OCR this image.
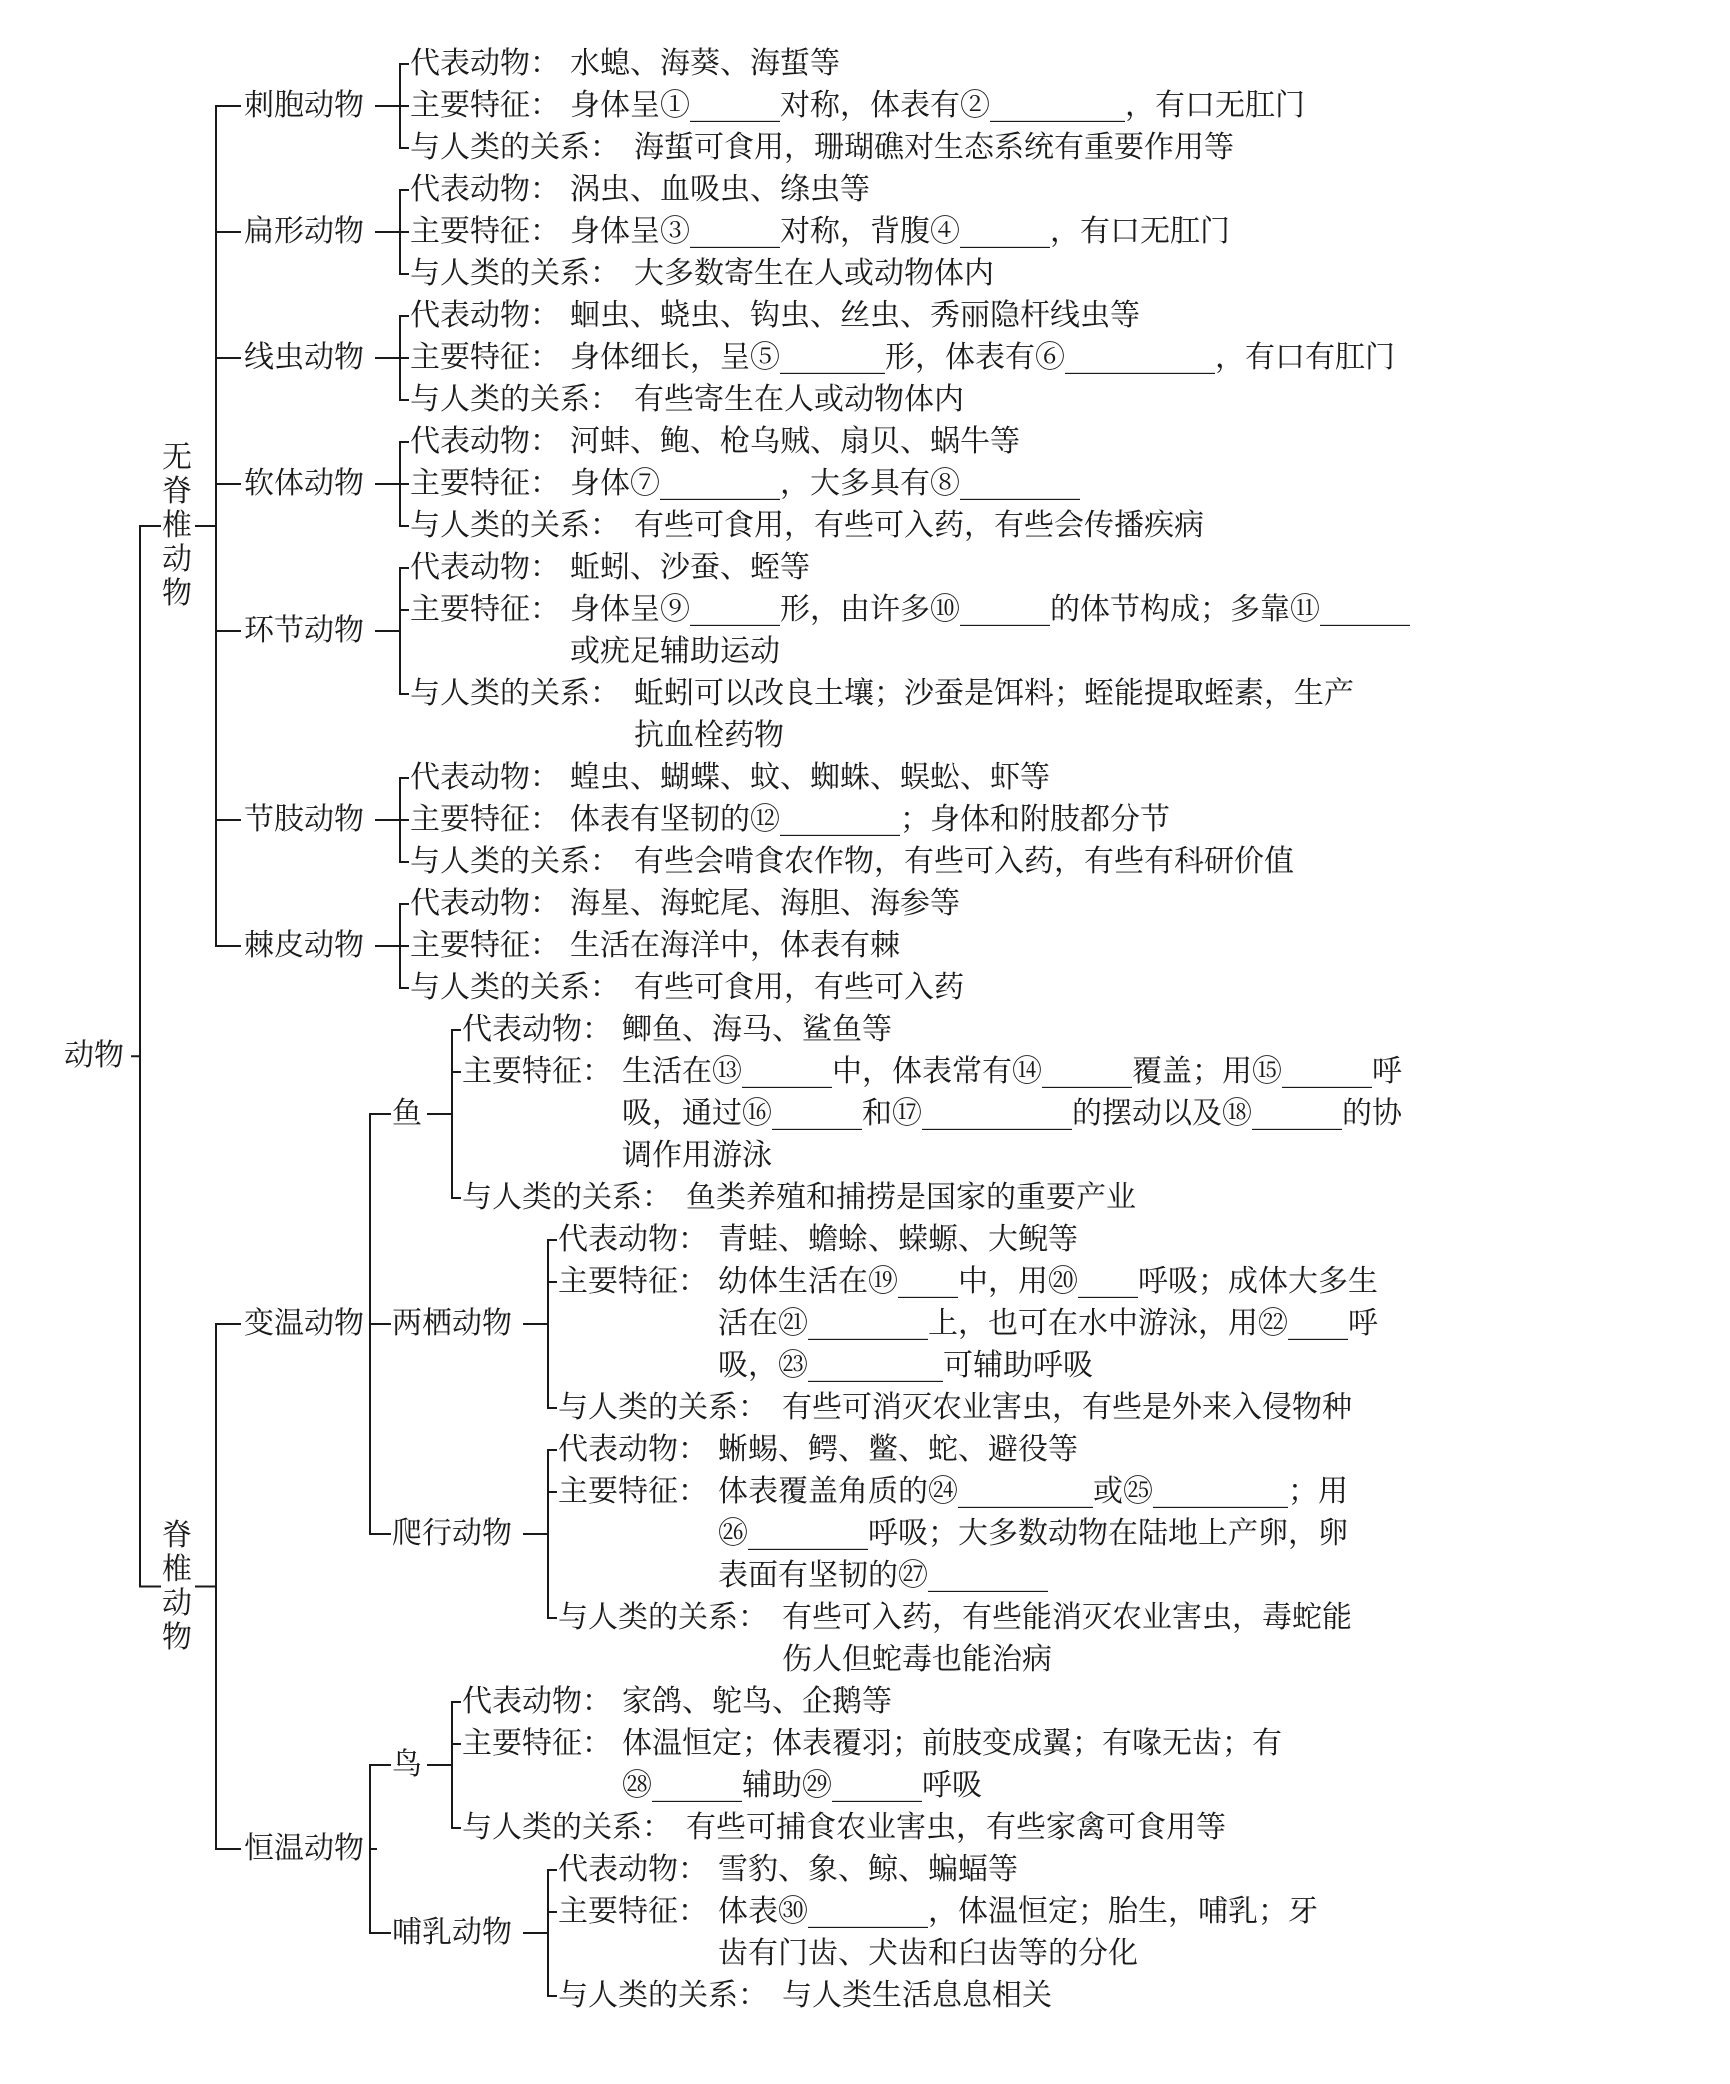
水螅、海葵、海蜇等
身体呈①______对称，体表有②_________，有口无肛门
海蜇可食用，珊瑚礁对生态系统有重要作用等
代表动物：
主要特征：
与人类的关系：
刺胞动物
涡虫、血吸虫、绦虫等
身体呈③______对称，背腹④______，有口无肛门
大多数寄生在人或动物体内
代表动物：
主要特征：
与人类的关系：
扁形动物
蛔虫、蛲虫、钩虫、丝虫、秀丽隐杆线虫等
身体细长，呈⑤_______形，体表有⑥__________，有口有肛门
有些寄生在人或动物体内
代表动物：
主要特征：
与人类的关系：
线虫动物
河蚌、鲍、枪乌贼、扇贝、蜗牛等
身体⑦________，大多具有⑧________
有些可食用，有些可入药，有些会传播疾病
代表动物：
主要特征：
与人类的关系：
软体动物
蚯蚓、沙蚕、蛭等
身体呈⑨______形，由许多⑩______的体节构成；多靠⑪______
或疣足辅助运动
蚯蚓可以改良土壤；沙蚕是饵料；蛭能提取蛭素，生产
抗血栓药物
代表动物：
主要特征：
与人类的关系：
环节动物
蝗虫、蝴蝶、蚊、蜘蛛、蜈蚣、虾等
体表有坚韧的⑫________；身体和附肢都分节
有些会啃食农作物，有些可入药，有些有科研价值
代表动物：
主要特征：
与人类的关系：
节肢动物
海星、海蛇尾、海胆、海参等
生活在海洋中，体表有棘
有些可食用，有些可入药
代表动物：
主要特征：
与人类的关系：
棘皮动物
鲫鱼、海马、鲨鱼等
生活在⑬______中，体表常有⑭______覆盖；用⑮______呼
吸，通过⑯______和⑰__________的摆动以及⑱______的协
调作用游泳
鱼类养殖和捕捞是国家的重要产业
代表动物：
主要特征：
与人类的关系：
鱼
青蛙、蟾蜍、蝾螈、大鲵等
幼体生活在⑲____中，用⑳____呼吸；成体大多生
活在㉑________上，也可在水中游泳，用㉒____呼
吸，㉓_________可辅助呼吸
有些可消灭农业害虫，有些是外来入侵物种
代表动物：
主要特征：
与人类的关系：
两栖动物
蜥蜴、鳄、鳖、蛇、避役等
体表覆盖角质的㉔_________或㉕_________；用
㉖________呼吸；大多数动物在陆地上产卵，卵
表面有坚韧的㉗________
有些可入药，有些能消灭农业害虫，毒蛇能
伤人但蛇毒也能治病
代表动物：
主要特征：
与人类的关系：
爬行动物
变温动物
家鸽、鸵鸟、企鹅等
体温恒定；体表覆羽；前肢变成翼；有喙无齿；有
㉘______辅助㉙______呼吸
有些可捕食农业害虫，有些家禽可食用等
代表动物：
主要特征：
与人类的关系：
鸟
雪豹、象、鲸、蝙蝠等
体表㉚________，体温恒定；胎生，哺乳；牙
齿有门齿、犬齿和臼齿等的分化
与人类生活息息相关
代表动物：
主要特征：
与人类的关系：
哺乳动物
恒温动物
无
脊
椎
动
物
脊
椎
动
物
动物
